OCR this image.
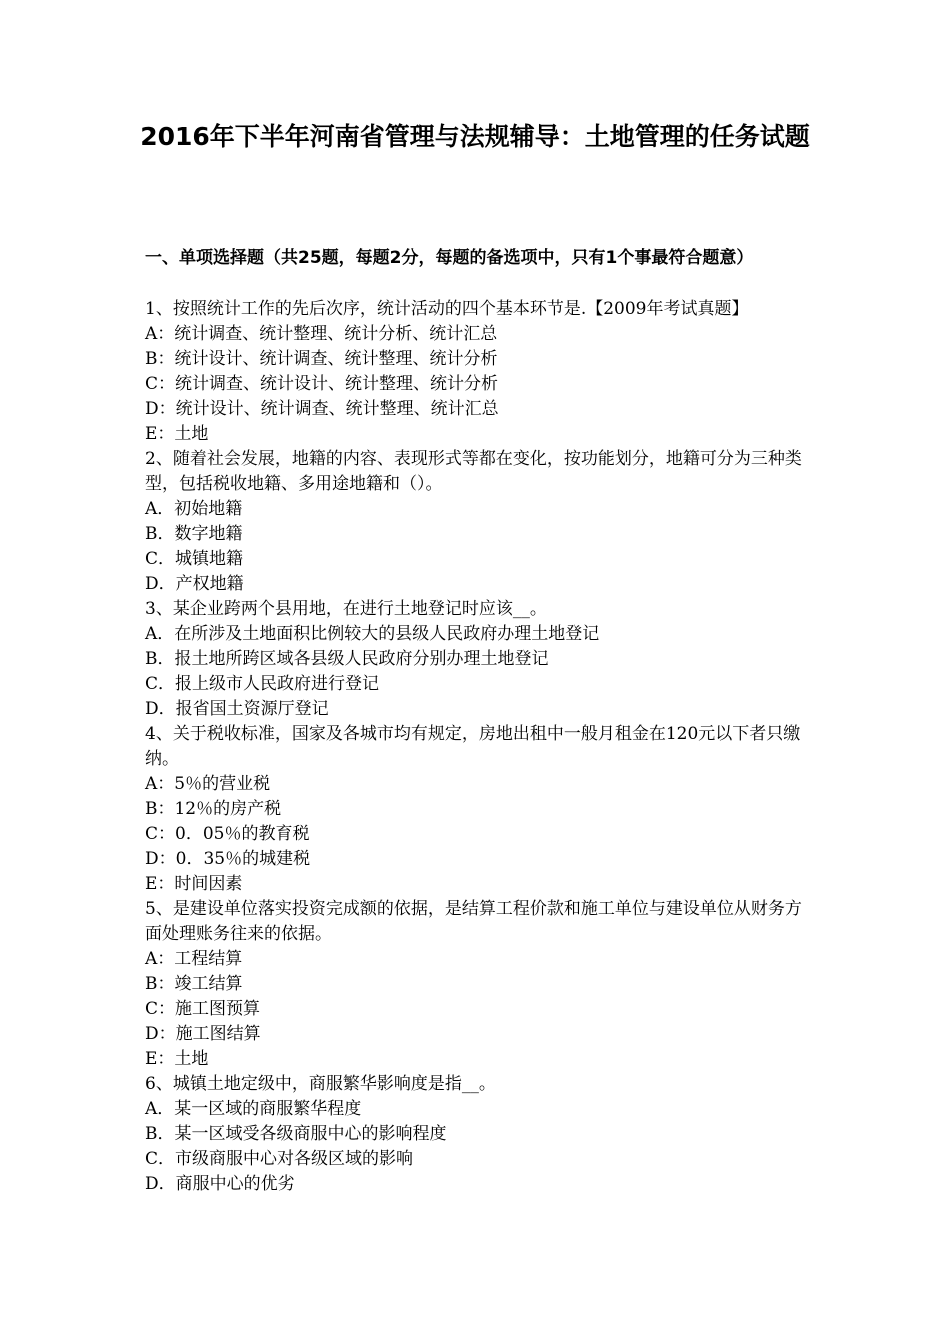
2016年下半年河南省管理与法规辅导：土地管理的任务试题
一、单项选择题（共25题，每题2分，每题的备选项中，只有1个事最符合题意）

1、按照统计工作的先后次序，统计活动的四个基本环节是.【2009年考试真题】

A：统计调查、统计整理、统计分析、统计汇总

B：统计设计、统计调查、统计整理、统计分析

C：统计调查、统计设计、统计整理、统计分析

D：统计设计、统计调查、统计整理、统计汇总

E：土地

2、随着社会发展，地籍的内容、表现形式等都在变化，按功能划分，地籍可分为三种类型，包括税收地籍、多用途地籍和（）。

A．初始地籍

B．数字地籍

C．城镇地籍

D．产权地籍

3、某企业跨两个县用地，在进行土地登记时应该__。

A．在所涉及土地面积比例较大的县级人民政府办理土地登记

B．报土地所跨区域各县级人民政府分别办理土地登记

C．报上级市人民政府进行登记

D．报省国土资源厅登记

4、关于税收标准，国家及各城市均有规定，房地出租中一般月租金在120元以下者只缴纳。

A：5％的营业税

B：12％的房产税

C：0．05％的教育税

D：0．35％的城建税

E：时间因素

5、是建设单位落实投资完成额的依据，是结算工程价款和施工单位与建设单位从财务方面处理账务往来的依据。

A：工程结算

B：竣工结算

C：施工图预算

D：施工图结算

E：土地

6、城镇土地定级中，商服繁华影响度是指__。

A．某一区域的商服繁华程度

B．某一区域受各级商服中心的影响程度

C．市级商服中心对各级区域的影响

D．商服中心的优劣
